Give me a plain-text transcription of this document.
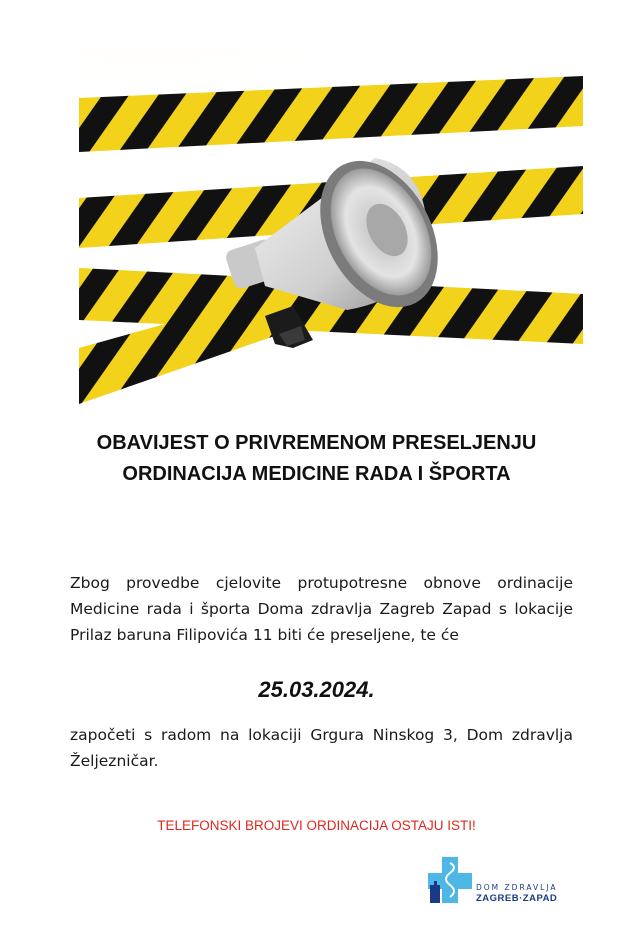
OBAVIJEST O PRIVREMENOM PRESELJENJU ORDINACIJA MEDICINE RADA I ŠPORTA

Zbog provedbe cjelovite protupotresne obnove ordinacije Medicine rada i športa Doma zdravlja Zagreb Zapad s lokacije Prilaz baruna Filipovića 11 biti će preseljene, te će

25.03.2024.

započeti s radom na lokaciji Grgura Ninskog 3, Dom zdravlja Željezničar.

TELEFONSKI BROJEVI ORDINACIJA OSTAJU ISTI!

DOM ZDRAVLJA
ZAGREB·ZAPAD
